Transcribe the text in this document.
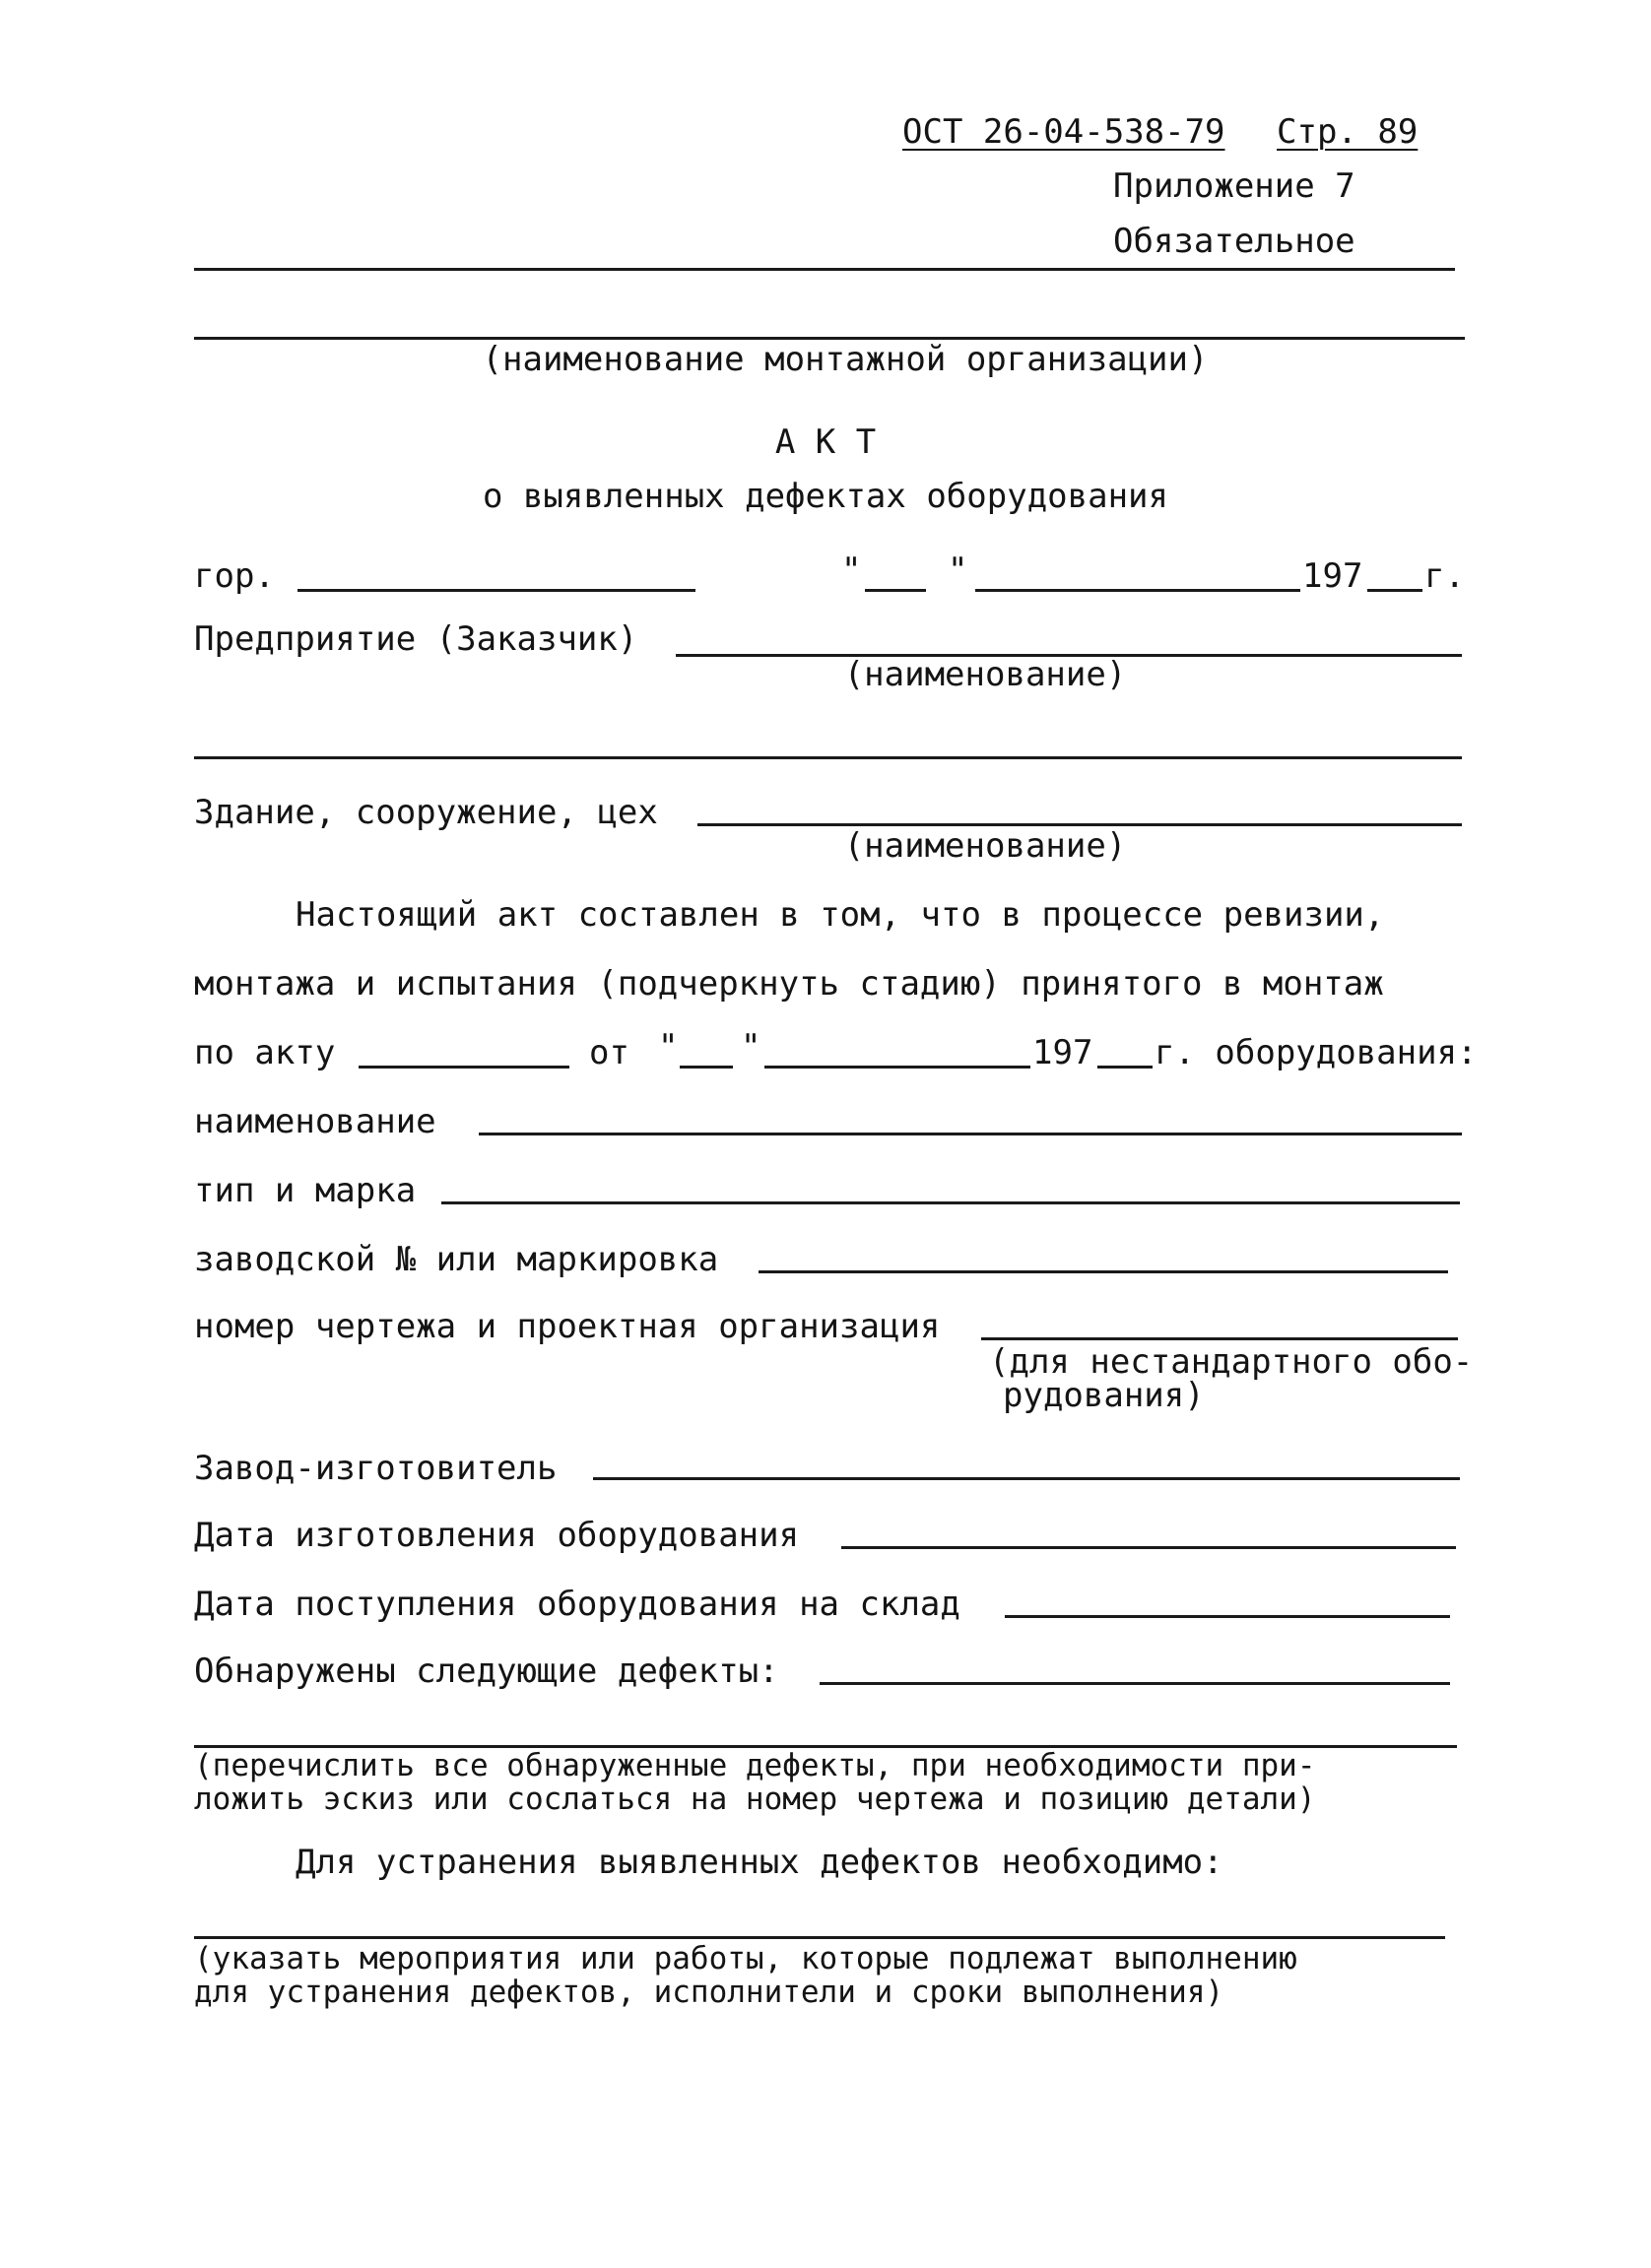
ОСТ 26-04-538-79 Стр. 89
Приложение 7
Обязательное
(наименование монтажной организации)
А К Т
о выявленных дефектах оборудования
гор.	"	"	197 г.
Предприятие (Заказчик)
(наименование)
Здание, сооружение, цех
(наименование)
Настоящий акт составлен в том, что в процессе ревизии,
монтажа и испытания (подчеркнуть стадию) принятого в монтаж
по акту	от " "	197 г. оборудования:
наименование
тип и марка
заводской № или маркировка
номер чертежа и проектная организация
(для нестандартного обо-
рудования)
Завод-изготовитель
Дата изготовления оборудования
Дата поступления оборудования на склад
Обнаружены следующие дефекты:
(перечислить все обнаруженные дефекты, при необходимости при-
ложить эскиз или сослаться на номер чертежа и позицию детали)
Для устранения выявленных дефектов необходимо:
(указать мероприятия или работы, которые подлежат выполнению
для устранения дефектов, исполнители и сроки выполнения)
